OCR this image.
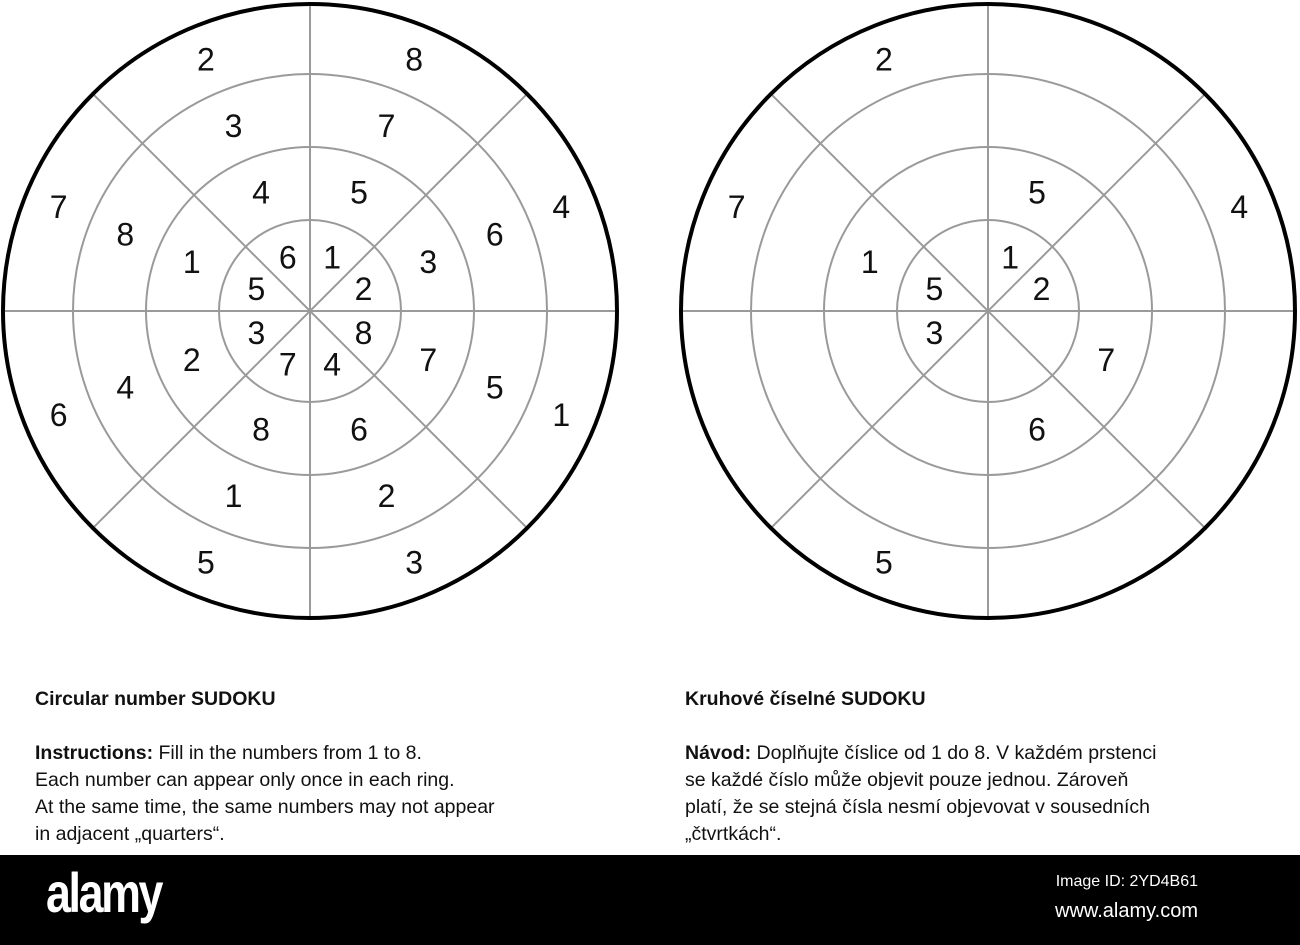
1
5
7
8
2
3
6
4
8
7
5
1
4
6
2
3
7
8
1
5
3
2
4
6
5
1
8
7
6
4
3
2
1
5
2
4
7
6
5
3
5
1
7
2
Circular number SUDOKU
Instructions: Fill in the numbers from 1 to 8.
Each number can appear only once in each ring.
At the same time, the same numbers may not appear
in adjacent „quarters“.
Kruhové číselné SUDOKU
Návod: Doplňujte číslice od 1 do 8. V každém prstenci
se každé číslo může objevit pouze jednou. Zároveň
platí, že se stejná čísla nesmí objevovat v sousedních
„čtvrtkách“.
alamy	Image ID: 2YD4B61
www.alamy.com
